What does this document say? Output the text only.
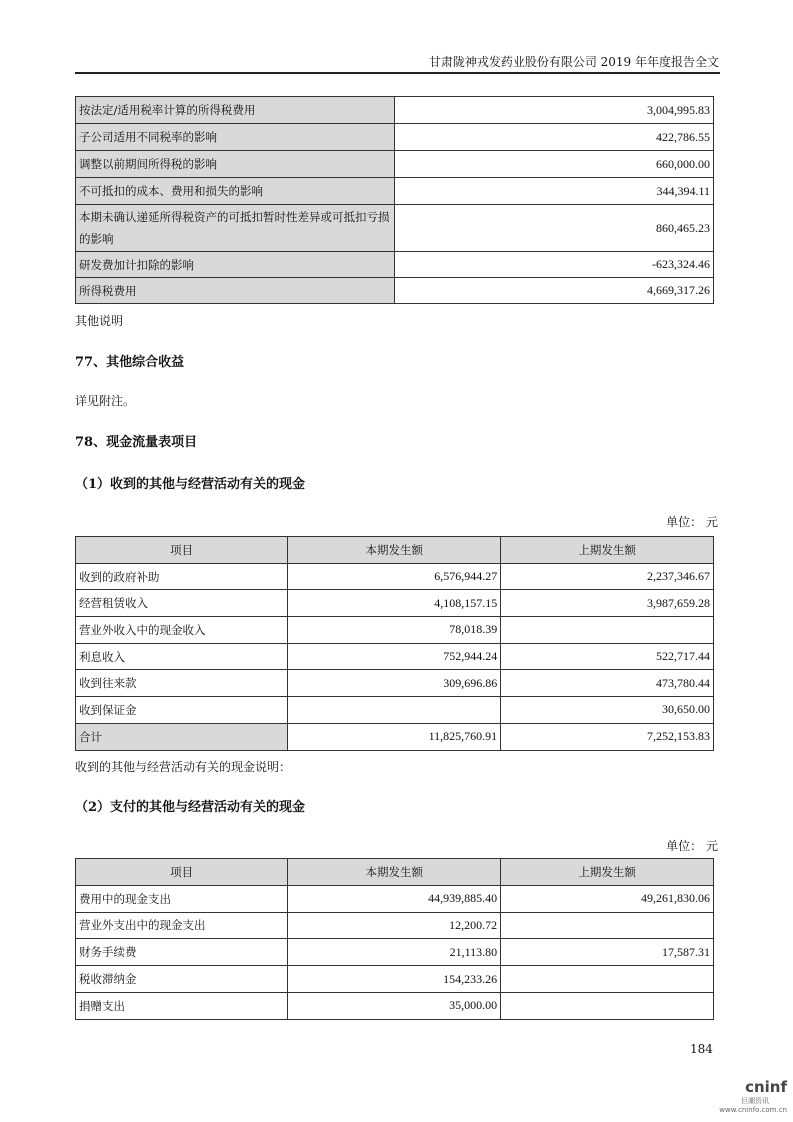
甘肃陇神戎发药业股份有限公司 2019 年年度报告全文
按法定/适用税率计算的所得税费用	3,004,995.83
子公司适用不同税率的影响	422,786.55
调整以前期间所得税的影响	660,000.00
不可抵扣的成本、费用和损失的影响	344,394.11
本期未确认递延所得税资产的可抵扣暂时性差异或可抵扣亏损的影响	860,465.23
研发费加计扣除的影响	-623,324.46
所得税费用	4,669,317.26
其他说明
77、其他综合收益
详见附注。
78、现金流量表项目
（1）收到的其他与经营活动有关的现金
单位： 元
项目	本期发生额	上期发生额
收到的政府补助	6,576,944.27	2,237,346.67
经营租赁收入	4,108,157.15	3,987,659.28
营业外收入中的现金收入	78,018.39	
利息收入	752,944.24	522,717.44
收到往来款	309,696.86	473,780.44
收到保证金		30,650.00
合计	11,825,760.91	7,252,153.83
收到的其他与经营活动有关的现金说明：
（2）支付的其他与经营活动有关的现金
单位： 元
项目	本期发生额	上期发生额
费用中的现金支出	44,939,885.40	49,261,830.06
营业外支出中的现金支出	12,200.72	
财务手续费	21,113.80	17,587.31
税收滞纳金	154,233.26	
捐赠支出	35,000.00	
184
cninf
巨潮资讯
www.cninfo.com.cn
